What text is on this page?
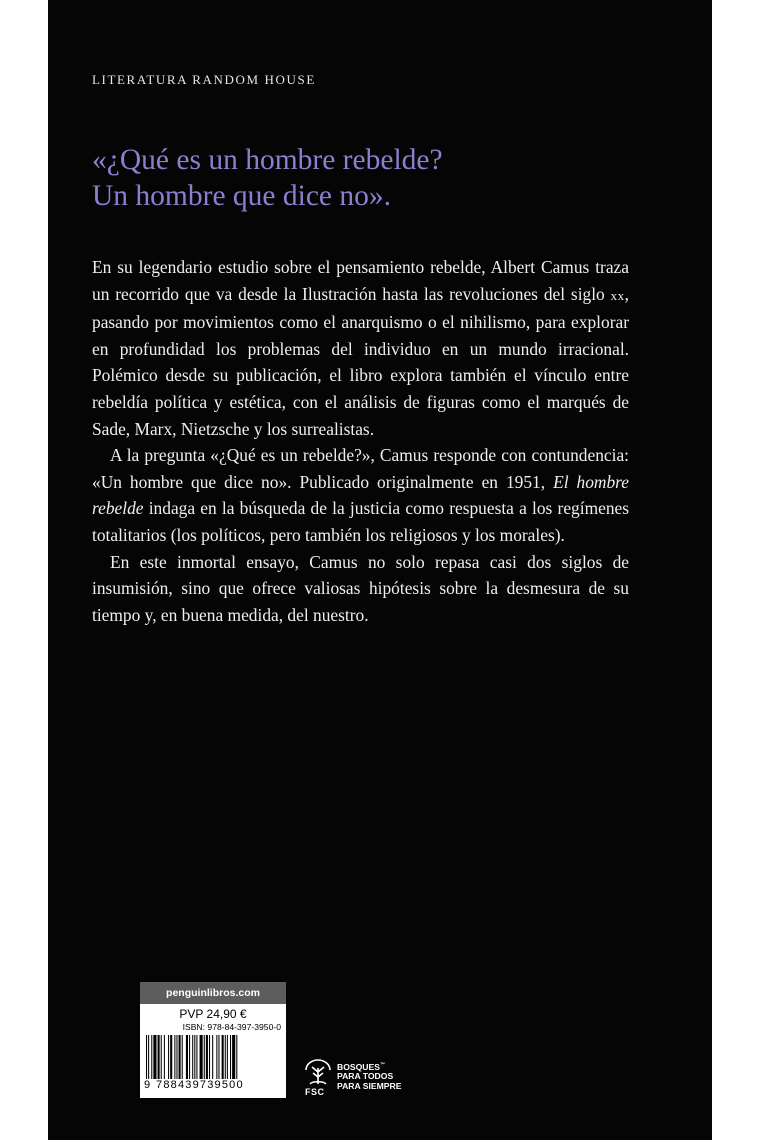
LITERATURA RANDOM HOUSE

«¿Qué es un hombre rebelde?
Un hombre que dice no».

En su legendario estudio sobre el pensamiento rebelde, Albert Camus traza un recorrido que va desde la Ilustración hasta las revoluciones del siglo xx, pasando por movimientos como el anarquismo o el nihilismo, para explorar en profundidad los problemas del individuo en un mundo irracional. Polémico desde su publicación, el libro explora también el vínculo entre rebeldía política y estética, con el análisis de figuras como el marqués de Sade, Marx, Nietzsche y los surrealistas.

A la pregunta «¿Qué es un rebelde?», Camus responde con contundencia: «Un hombre que dice no». Publicado originalmente en 1951, El hombre rebelde indaga en la búsqueda de la justicia como respuesta a los regímenes totalitarios (los políticos, pero también los religiosos y los morales).

En este inmortal ensayo, Camus no solo repasa casi dos siglos de insumisión, sino que ofrece valiosas hipótesis sobre la desmesura de su tiempo y, en buena medida, del nuestro.

penguinlibros.com
PVP 24,90 €
ISBN: 978-84-397-3950-0
9 788439739500
FSC
BOSQUES™
PARA TODOS
PARA SIEMPRE
